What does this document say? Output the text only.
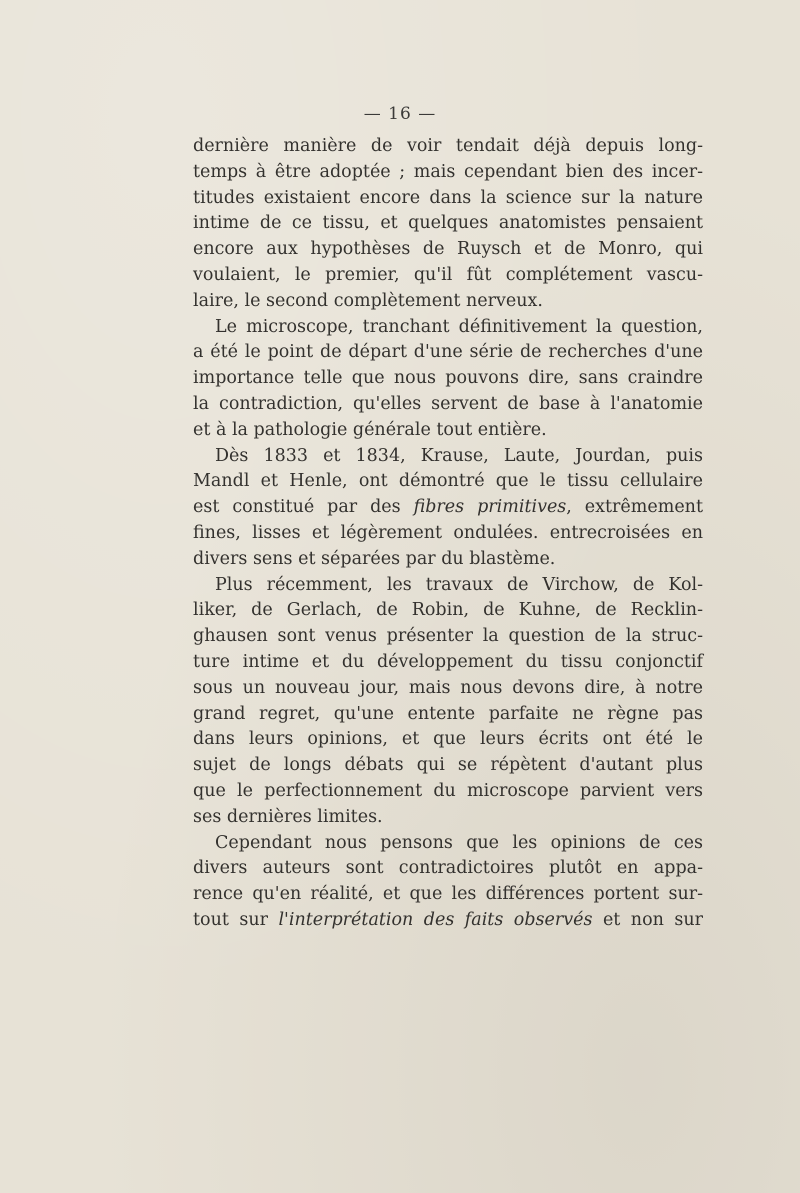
— 16 —
dernière manière de voir tendait déjà depuis long-
temps à être adoptée ; mais cependant bien des incer-
titudes existaient encore dans la science sur la nature
intime de ce tissu, et quelques anatomistes pensaient
encore aux hypothèses de Ruysch et de Monro, qui
voulaient, le premier, qu'il fût complétement vascu-
laire, le second complètement nerveux.
Le microscope, tranchant définitivement la question,
a été le point de départ d'une série de recherches d'une
importance telle que nous pouvons dire, sans craindre
la contradiction, qu'elles servent de base à l'anatomie
et à la pathologie générale tout entière.
Dès 1833 et 1834, Krause, Laute, Jourdan, puis
Mandl et Henle, ont démontré que le tissu cellulaire
est constitué par des fibres primitives, extrêmement
fines, lisses et légèrement ondulées. entrecroisées en
divers sens et séparées par du blastème.
Plus récemment, les travaux de Virchow, de Kol-
liker, de Gerlach, de Robin, de Kuhne, de Recklin-
ghausen sont venus présenter la question de la struc-
ture intime et du développement du tissu conjonctif
sous un nouveau jour, mais nous devons dire, à notre
grand regret, qu'une entente parfaite ne règne pas
dans leurs opinions, et que leurs écrits ont été le
sujet de longs débats qui se répètent d'autant plus
que le perfectionnement du microscope parvient vers
ses dernières limites.
Cependant nous pensons que les opinions de ces
divers auteurs sont contradictoires plutôt en appa-
rence qu'en réalité, et que les différences portent sur-
tout sur l'interprétation des faits observés et non sur
